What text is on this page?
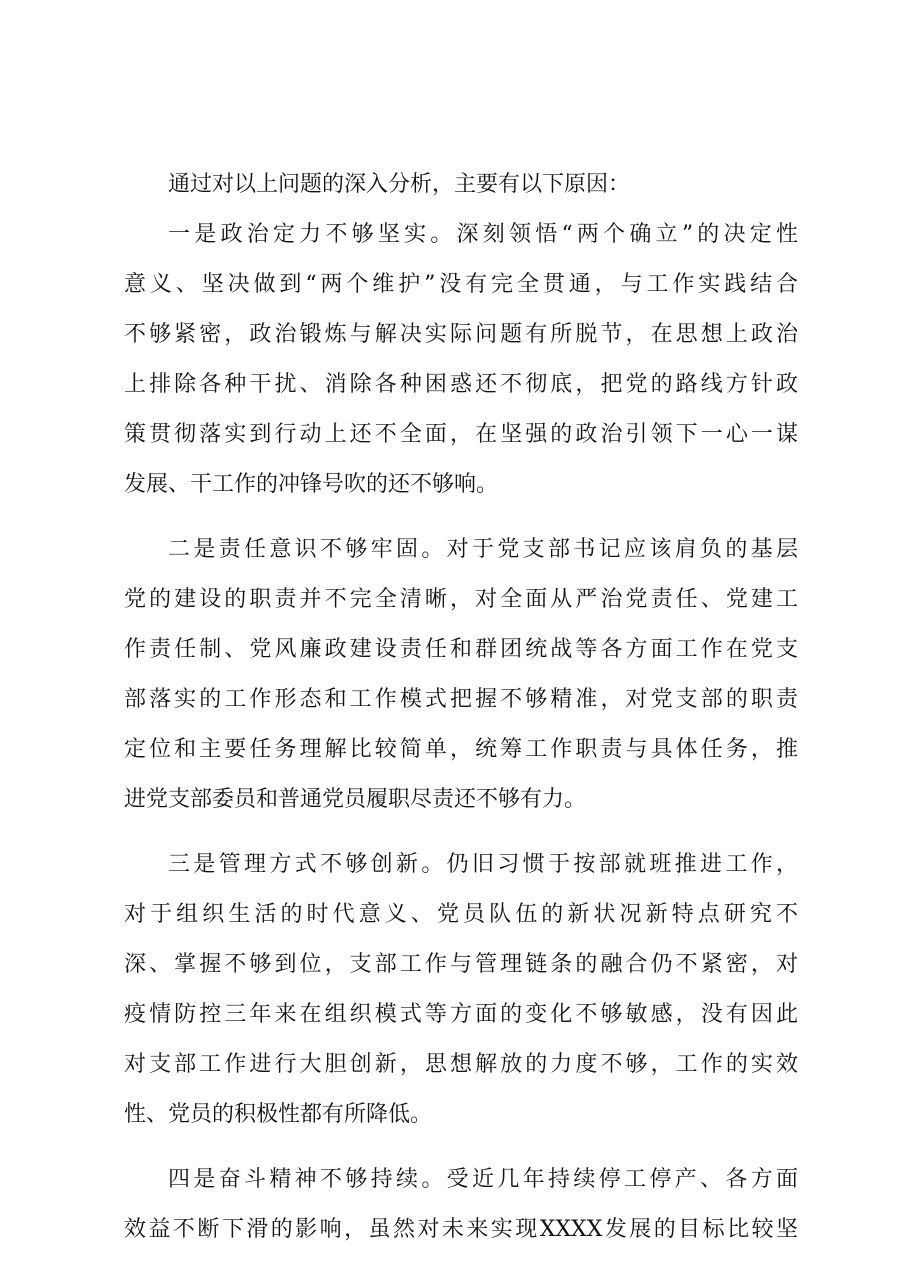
通过对以上问题的深入分析，主要有以下原因：
一是政治定力不够坚实。深刻领悟“两个确立”的决定性
意义、坚决做到“两个维护”没有完全贯通，与工作实践结合
不够紧密，政治锻炼与解决实际问题有所脱节，在思想上政治
上排除各种干扰、消除各种困惑还不彻底，把党的路线方针政
策贯彻落实到行动上还不全面，在坚强的政治引领下一心一谋
发展、干工作的冲锋号吹的还不够响。
二是责任意识不够牢固。对于党支部书记应该肩负的基层
党的建设的职责并不完全清晰，对全面从严治党责任、党建工
作责任制、党风廉政建设责任和群团统战等各方面工作在党支
部落实的工作形态和工作模式把握不够精准，对党支部的职责
定位和主要任务理解比较简单，统筹工作职责与具体任务，推
进党支部委员和普通党员履职尽责还不够有力。
三是管理方式不够创新。仍旧习惯于按部就班推进工作，
对于组织生活的时代意义、党员队伍的新状况新特点研究不
深、掌握不够到位，支部工作与管理链条的融合仍不紧密，对
疫情防控三年来在组织模式等方面的变化不够敏感，没有因此
对支部工作进行大胆创新，思想解放的力度不够，工作的实效
性、党员的积极性都有所降低。
四是奋斗精神不够持续。受近几年持续停工停产、各方面
效益不断下滑的影响，虽然对未来实现XXXX发展的目标比较坚
